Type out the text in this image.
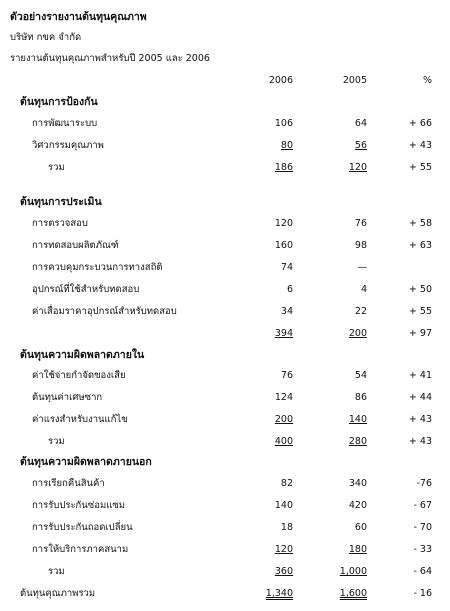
ตัวอย่างรายงานต้นทุนคุณภาพ
บริษัท กขค จำกัด
รายงานต้นทุนคุณภาพสำหรับปี 2005 และ 2006
2006	2005	%
ต้นทุนการป้องกัน
การพัฒนาระบบ	106	64	+ 66
วิศวกรรมคุณภาพ	80	56	+ 43
รวม	186	120	+ 55
ต้นทุนการประเมิน
การตรวจสอบ	120	76	+ 58
การทดสอบผลิตภัณฑ์	160	98	+ 63
การควบคุมกระบวนการทางสถิติ	74	—
อุปกรณ์ที่ใช้สำหรับทดสอบ	6	4	+ 50
ค่าเสื่อมราคาอุปกรณ์สำหรับทดสอบ	34	22	+ 55
394	200	+ 97
ต้นทุนความผิดพลาดภายใน
ค่าใช้จ่ายกำจัดของเสีย	76	54	+ 41
ต้นทุนค่าเศษซาก	124	86	+ 44
ค่าแรงสำหรับงานแก้ไข	200	140	+ 43
รวม	400	280	+ 43
ต้นทุนความผิดพลาดภายนอก
การเรียกคืนสินค้า	82	340	-76
การรับประกันซ่อมแซม	140	420	- 67
การรับประกันถอดเปลี่ยน	18	60	- 70
การให้บริการภาคสนาม	120	180	- 33
รวม	360	1,000	- 64
ต้นทุนคุณภาพรวม	1,340	1,600	- 16
